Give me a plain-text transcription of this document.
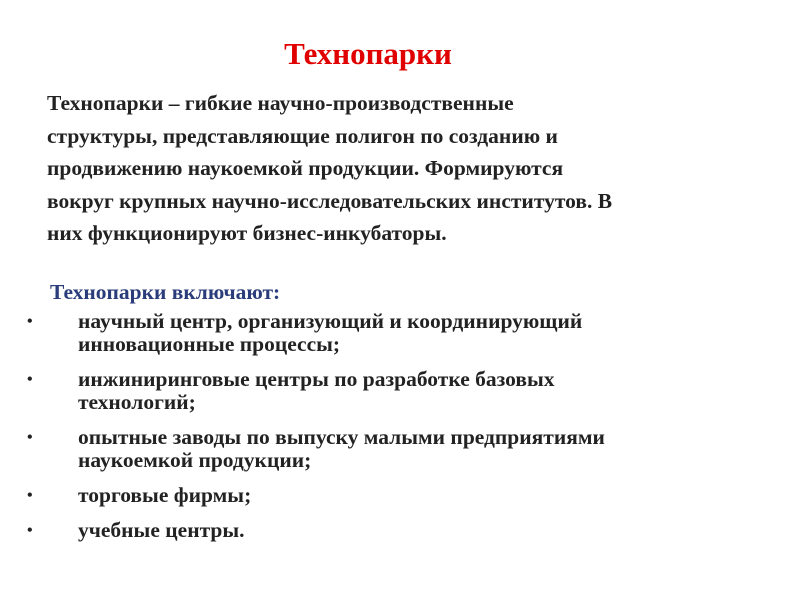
Технопарки
Технопарки – гибкие научно-производственные
структуры, представляющие полигон по созданию и
продвижению наукоемкой продукции. Формируются
вокруг крупных научно-исследовательских институтов. В
них функционируют бизнес-инкубаторы.
Технопарки включают:
• научный центр, организующий и координирующий
инновационные процессы;
• инжиниринговые центры по разработке базовых
технологий;
• опытные заводы по выпуску малыми предприятиями
наукоемкой продукции;
• торговые фирмы;
• учебные центры.
